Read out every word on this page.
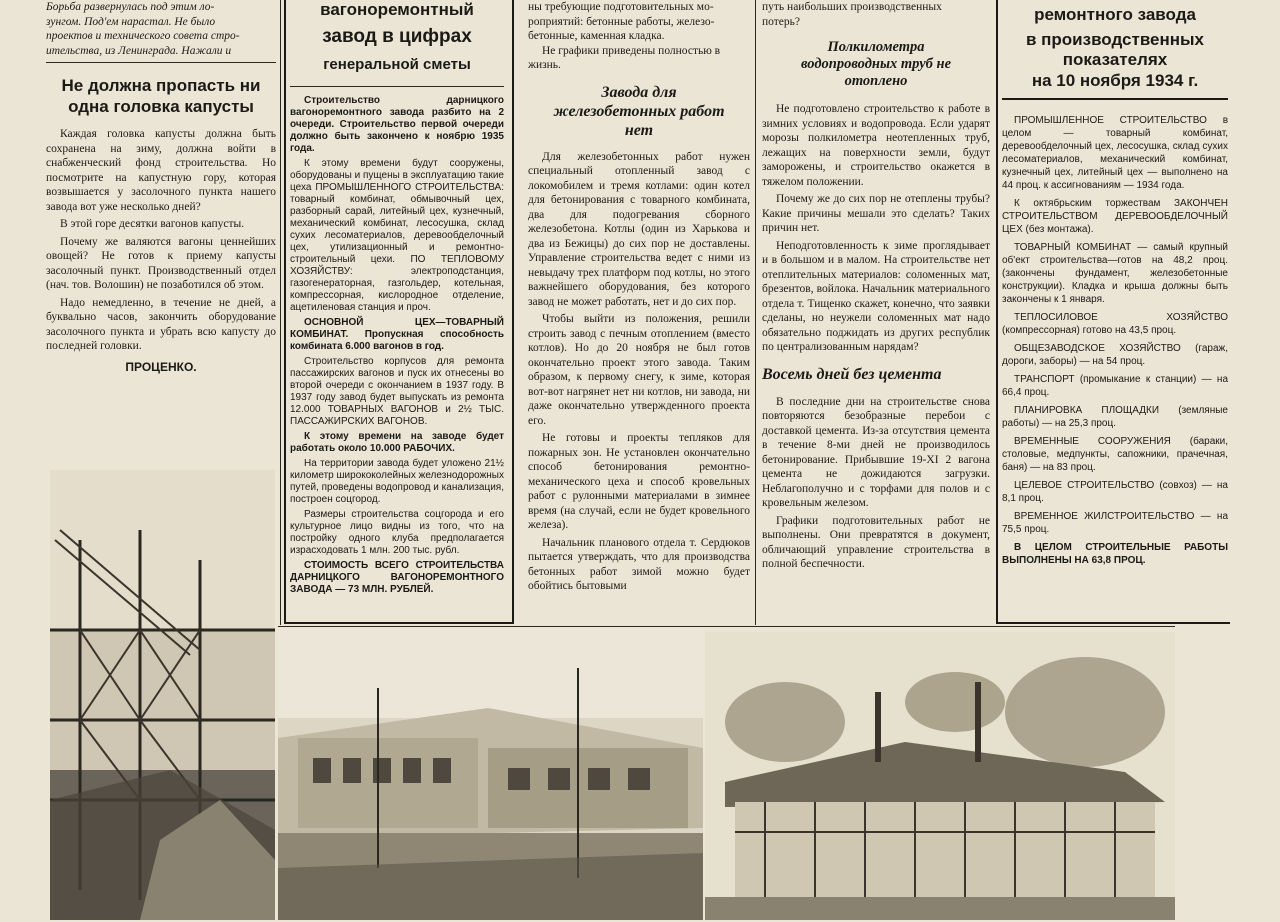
Борьба развернулась под этим ло-
зунгом. Под'ем нарастал. Не было
проектов и технического совета стро-
ительства, из Ленинграда. Нажали и
Не должна пропасть ни одна головка капусты

Каждая головка капусты должна быть сохранена на зиму, должна войти в снабженческий фонд строительства. Но посмотрите на капустную гору, которая возвышается у засолочного пункта нашего завода вот уже несколько дней?

В этой горе десятки вагонов капусты.

Почему же валяются вагоны ценнейших овощей? Не готов к приему капусты засолочный пункт. Производственный отдел (нач. тов. Волошин) не позаботился об этом.

Надо немедленно, в течение не дней, а буквально часов, закончить оборудование засолочного пункта и убрать всю капусту до последней головки.

ПРОЦЕНКО.
вагоноремонтный
завод в цифрах
генеральной сметы

Строительство дарницкого вагоноремонтного завода разбито на 2 очереди. Строительство первой очереди должно быть закончено к ноябрю 1935 года.

К этому времени будут сооружены, оборудованы и пущены в эксплуатацию такие цеха ПРОМЫШЛЕННОГО СТРОИТЕЛЬСТВА: товарный комбинат, обмывочный цех, разборный сарай, литейный цех, кузнечный, механический комбинат, лесосушка, склад сухих лесоматериалов, деревообделочный цех, утилизационный и ремонтно-строительный цехи. ПО ТЕПЛОВОМУ ХОЗЯЙСТВУ: электроподстанция, газогенераторная, газгольдер, котельная, компрессорная, кислородное отделение, ацетиленовая станция и проч.

ОСНОВНОЙ ЦЕХ—ТОВАРНЫЙ КОМБИНАТ. Пропускная способность комбината 6.000 вагонов в год.

Строительство корпусов для ремонта пассажирских вагонов и пуск их отнесены во второй очереди с окончанием в 1937 году. В 1937 году завод будет выпускать из ремонта 12.000 ТОВАРНЫХ ВАГОНОВ и 2½ ТЫС. ПАССАЖИРСКИХ ВАГОНОВ.

К этому времени на заводе будет работать около 10.000 РАБОЧИХ.

На территории завода будет уложено 21½ километр ширококолейных железнодорожных путей, проведены водопровод и канализация, построен соцгород.

Размеры строительства соцгорода и его культурное лицо видны из того, что на постройку одного клуба предполагается израсходовать 1 млн. 200 тыс. рубл.

СТОИМОСТЬ ВСЕГО СТРОИТЕЛЬСТВА ДАРНИЦКОГО ВАГОНОРЕМОНТНОГО ЗАВОДА — 73 МЛН. РУБЛЕЙ.

ны требующие подготовительных мо-
роприятий: бетонные работы, железо-
бетонные, каменная кладка.
Не графики приведены полностью в жизнь.
Завода для железобетонных работ нет

Для железобетонных работ нужен специальный отопленный завод с локомобилем и тремя котлами: один котел для бетонирования с товарного комбината, два для подогревания сборного железобетона. Котлы (один из Харькова и два из Бежицы) до сих пор не доставлены. Управление строительства ведет с ними из невыдачу трех платформ под котлы, но этого важнейшего оборудования, без которого завод не может работать, нет и до сих пор.

Чтобы выйти из положения, решили строить завод с печным отоплением (вместо котлов). Но до 20 ноября не был готов окончательно проект этого завода. Таким образом, к первому снегу, к зиме, которая вот-вот нагрянет нет ни котлов, ни завода, ни даже окончательно утвержденного проекта его.

Не готовы и проекты тепляков для пожарных зон. Не установлен окончательно способ бетонирования ремонтно-механического цеха и способ кровельных работ с рулонными материалами в зимнее время (на случай, если не будет кровельного железа).

Начальник планового отдела т. Сердюков пытается утверждать, что для производства бетонных работ зимой можно будет обойтись бытовыми

путь наибольших производственных
потерь?
Полкилометра водопроводных труб не отоплено

Не подготовлено строительство к работе в зимних условиях и водопровода. Если ударят морозы полкилометра неотепленных труб, лежащих на поверхности земли, будут заморожены, и строительство окажется в тяжелом положении.

Почему же до сих пор не отеплены трубы? Какие причины мешали это сделать? Таких причин нет.

Неподготовленность к зиме проглядывает и в большом и в малом. На строительстве нет отеплительных материалов: соломенных мат, брезентов, войлока. Начальник материального отдела т. Тищенко скажет, конечно, что заявки сделаны, но неужели соломенных мат надо обязательно поджидать из других республик по централизованным нарядам?

Восемь дней без цемента

В последние дни на строительстве снова повторяются безобразные перебои с доставкой цемента. Из-за отсутствия цемента в течение 8-ми дней не производилось бетонирование. Прибывшие 19-XI 2 вагона цемента не дожидаются загрузки. Неблагополучно и с торфами для полов и с кровельным железом.

Графики подготовительных работ не выполнены. Они превратятся в документ, обличающий управление строительства в полной беспечности.

ремонтного завода
в производственных показателях
на 10 ноября 1934 г.

ПРОМЫШЛЕННОЕ СТРОИТЕЛЬСТВО в целом — товарный комбинат, деревообделочный цех, лесосушка, склад сухих лесоматериалов, механический комбинат, кузнечный цех, литейный цех — выполнено на 44 проц. к ассигнованиям — 1934 года.

К октябрьским торжествам ЗАКОНЧЕН СТРОИТЕЛЬСТВОМ ДЕРЕВООБДЕЛОЧНЫЙ ЦЕХ (без монтажа).

ТОВАРНЫЙ КОМБИНАТ — самый крупный об'ект строительства—готов на 48,2 проц. (закончены фундамент, железобетонные конструкции). Кладка и крыша должны быть закончены к 1 января.

ТЕПЛОСИЛОВОЕ ХОЗЯЙСТВО (компрессорная) готово на 43,5 проц.

ОБЩЕЗАВОДСКОЕ ХОЗЯЙСТВО (гараж, дороги, заборы) — на 54 проц.

ТРАНСПОРТ (промыкание к станции) — на 66,4 проц.

ПЛАНИРОВКА ПЛОЩАДКИ (земляные работы) — на 25,3 проц.

ВРЕМЕННЫЕ СООРУЖЕНИЯ (бараки, столовые, медпункты, сапожники, прачечная, баня) — на 83 проц.

ЦЕЛЕВОЕ СТРОИТЕЛЬСТВО (совхоз) — на 8,1 проц.

ВРЕМЕННОЕ ЖИЛСТРОИТЕЛЬСТВО — на 75,5 проц.

В ЦЕЛОМ СТРОИТЕЛЬНЫЕ РАБОТЫ ВЫПОЛНЕНЫ НА 63,8 ПРОЦ.
